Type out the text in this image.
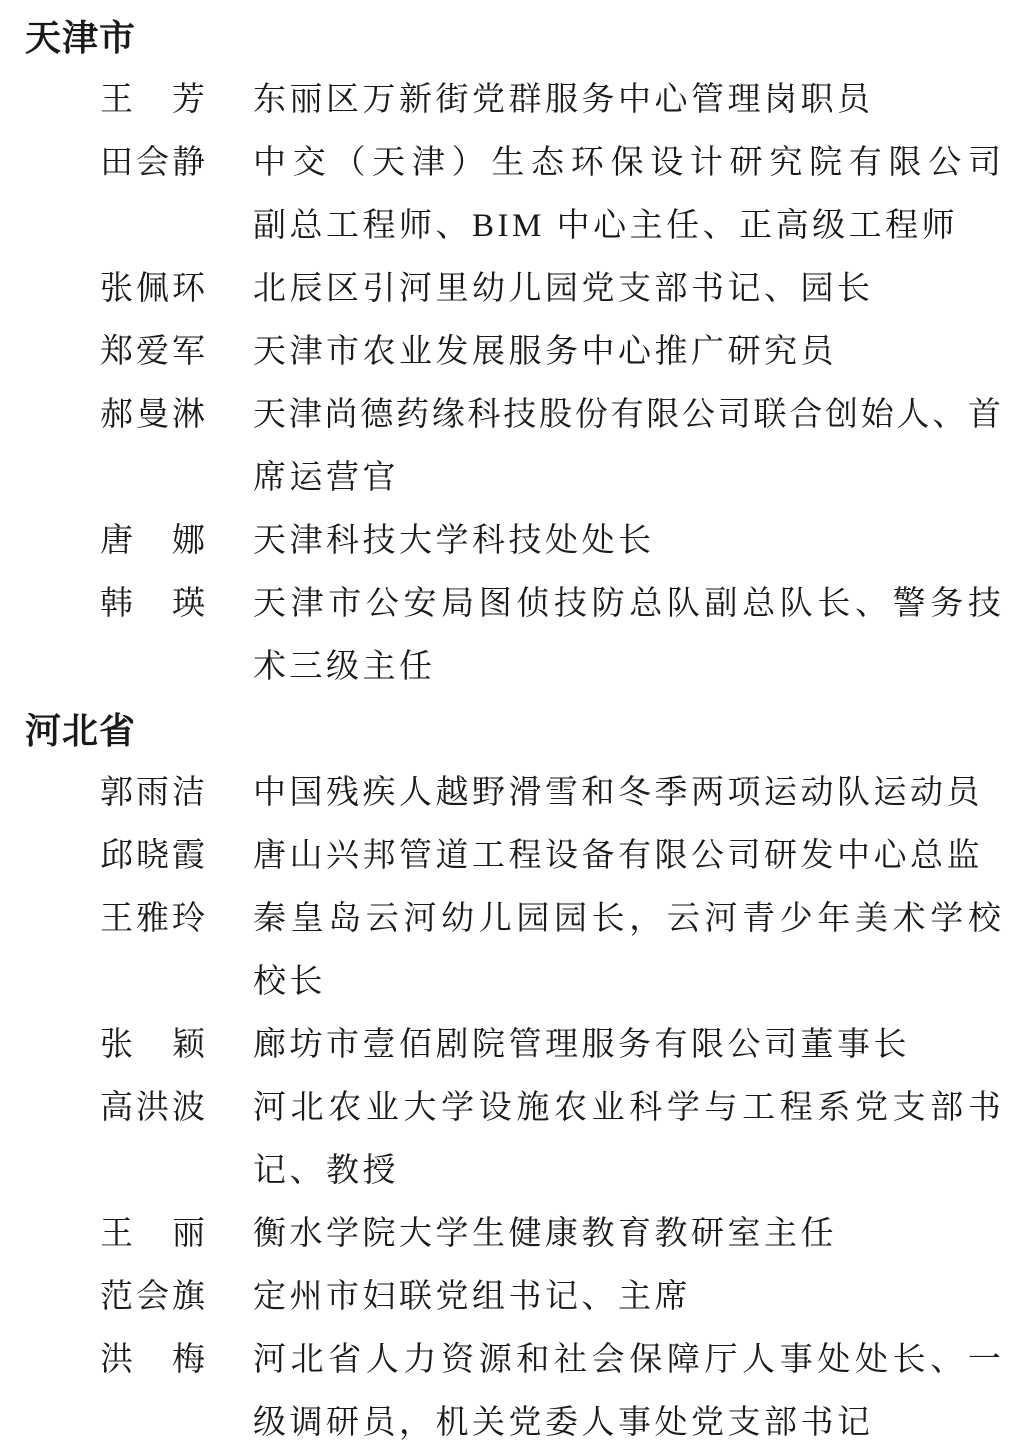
天津市
王
　 芳 东丽区万新街党群服务中心管理岗职员
田 会 静 中 交 （ 天 津 ） 生 态 环 保 设 计 研 究 院 有 限 公 司
副总工程师、BIM 中心主任、正高级工程师
张 佩 环 北辰区引河里幼儿园党支部书记、园长
郑 爱 军 天津市农业发展服务中心推广研究员
郝 曼 淋 天 津 尚 德 药 缘 科 技 股 份 有 限 公 司 联 合 创 始 人 、 首
席运营官
唐
　 娜 天津科技大学科技处处长
韩
　 瑛 天 津 市 公 安 局 图 侦 技 防 总 队 副 总 队 长 、 警 务 技
术三级主任
河北省
郭 雨 洁 中国残疾人越野滑雪和冬季两项运动队运动员
邱 晓 霞 唐山兴邦管道工程设备有限公司研发中心总监
王 雅 玲 秦 皇 岛 云 河 幼 儿 园 园 长 ， 云 河 青 少 年 美 术 学 校
校长
张
　 颖 廊坊市壹佰剧院管理服务有限公司董事长
高 洪 波 河 北 农 业 大 学 设 施 农 业 科 学 与 工 程 系 党 支 部 书
记、教授
王
　 丽 衡水学院大学生健康教育教研室主任
范 会 旗 定州市妇联党组书记、主席
洪
　 梅 河 北 省 人 力 资 源 和 社 会 保 障 厅 人 事 处 处 长 、 一
级调研员，机关党委人事处党支部书记
